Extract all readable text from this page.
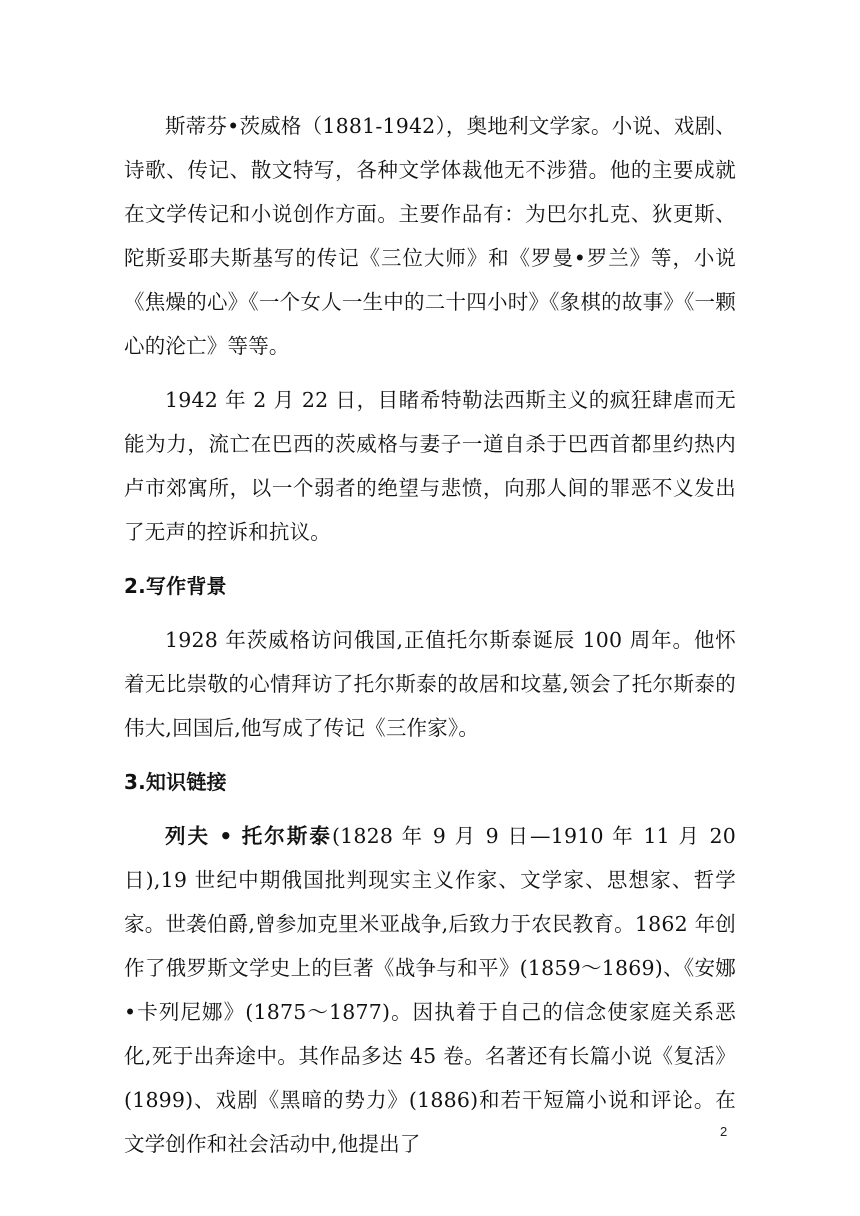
斯蒂芬•茨威格（1881-1942），奥地利文学家。小说、戏剧、诗歌、传记、散文特写，各种文学体裁他无不涉猎。他的主要成就在文学传记和小说创作方面。主要作品有：为巴尔扎克、狄更斯、陀斯妥耶夫斯基写的传记《三位大师》和《罗曼•罗兰》等，小说《焦燥的心》《一个女人一生中的二十四小时》《象棋的故事》《一颗心的沦亡》等等。

1942 年 2 月 22 日，目睹希特勒法西斯主义的疯狂肆虐而无能为力，流亡在巴西的茨威格与妻子一道自杀于巴西首都里约热内卢市郊寓所，以一个弱者的绝望与悲愤，向那人间的罪恶不义发出了无声的控诉和抗议。

2.写作背景

1928 年茨威格访问俄国,正值托尔斯泰诞辰 100 周年。他怀着无比崇敬的心情拜访了托尔斯泰的故居和坟墓,领会了托尔斯泰的伟大,回国后,他写成了传记《三作家》。

3.知识链接

列夫 • 托尔斯泰(1828 年 9 月 9 日—1910 年 11 月 20 日),19 世纪中期俄国批判现实主义作家、文学家、思想家、哲学家。世袭伯爵,曾参加克里米亚战争,后致力于农民教育。1862 年创作了俄罗斯文学史上的巨著《战争与和平》(1859～1869)、《安娜 •卡列尼娜》(1875～1877)。因执着于自己的信念使家庭关系恶化,死于出奔途中。其作品多达 45 卷。名著还有长篇小说《复活》(1899)、戏剧《黑暗的势力》(1886)和若干短篇小说和评论。在文学创作和社会活动中,他提出了

2
